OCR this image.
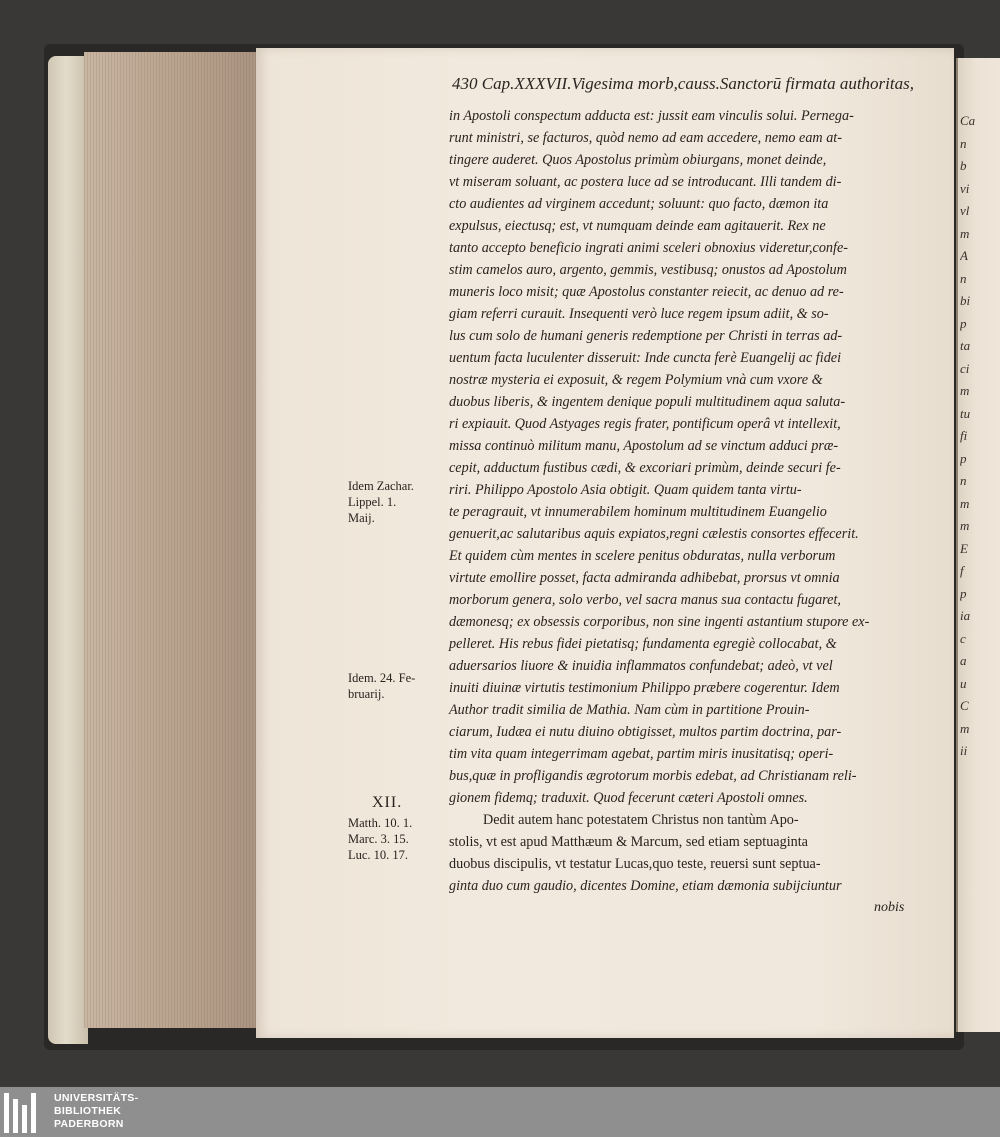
Ca
n
b
vi
vl
m
A
n
bi
p
ta
ci
m
tu
fi
p
n
m
m
E
f
p
ia
c
a
u
C
m
ii
430 Cap.XXXVII.Vigesima morb,causs.Sanctorū firmata authoritas,
in Apostoli conspectum adducta est: jussit eam vinculis solui. Pernega-
runt ministri, se facturos, quòd nemo ad eam accedere, nemo eam at-
tingere auderet. Quos Apostolus primùm obiurgans, monet deinde,
vt miseram soluant, ac postera luce ad se introducant. Illi tandem di-
cto audientes ad virginem accedunt; soluunt: quo facto, dæmon ita
expulsus, eiectusq; est, vt numquam deinde eam agitauerit. Rex ne
tanto accepto beneficio ingrati animi sceleri obnoxius videretur,confe-
stim camelos auro, argento, gemmis, vestibusq; onustos ad Apostolum
muneris loco misit; quæ Apostolus constanter reiecit, ac denuo ad re-
giam referri curauit. Insequenti verò luce regem ipsum adiit, & so-
lus cum solo de humani generis redemptione per Christi in terras ad-
uentum facta luculenter disseruit: Inde cuncta ferè Euangelij ac fidei
nostræ mysteria ei exposuit, & regem Polymium vnà cum vxore &
duobus liberis, & ingentem denique populi multitudinem aqua saluta-
ri expiauit. Quod Astyages regis frater, pontificum operâ vt intellexit,
missa continuò militum manu, Apostolum ad se vinctum adduci præ-
cepit, adductum fustibus cædi, & excoriari primùm, deinde securi fe-
riri. Philippo Apostolo Asia obtigit. Quam quidem tanta virtu-
te peragrauit, vt innumerabilem hominum multitudinem Euangelio
genuerit,ac salutaribus aquis expiatos,regni cælestis consortes effecerit.
Et quidem cùm mentes in scelere penitus obduratas, nulla verborum
virtute emollire posset, facta admiranda adhibebat, prorsus vt omnia
morborum genera, solo verbo, vel sacra manus sua contactu fugaret,
dæmonesq; ex obsessis corporibus, non sine ingenti astantium stupore ex-
pelleret. His rebus fidei pietatisq; fundamenta egregiè collocabat, &
aduersarios liuore & inuidia inflammatos confundebat; adeò, vt vel
inuiti diuinæ virtutis testimonium Philippo præbere cogerentur. Idem
Author tradit similia de Mathia. Nam cùm in partitione Prouin-
ciarum, Iudæa ei nutu diuino obtigisset, multos partim doctrina, par-
tim vita quam integerrimam agebat, partim miris inusitatisq; operi-
bus,quæ in profligandis ægrotorum morbis edebat, ad Christianam reli-
gionem fidemq; traduxit. Quod fecerunt cæteri Apostoli omnes.
Dedit autem hanc potestatem Christus non tantùm Apo-
stolis, vt est apud Matthæum & Marcum, sed etiam septuaginta
duobus discipulis, vt testatur Lucas,quo teste, reuersi sunt septua-
ginta duo cum gaudio, dicentes Domine, etiam dæmonia subijciuntur
Idem Zachar.
Lippel. 1.
Maij.
Idem. 24. Fe-
bruarij.
XII.
Matth. 10. 1.
Marc. 3. 15.
Luc. 10. 17.
nobis
UNIVERSITÄTS-
BIBLIOTHEK
PADERBORN
